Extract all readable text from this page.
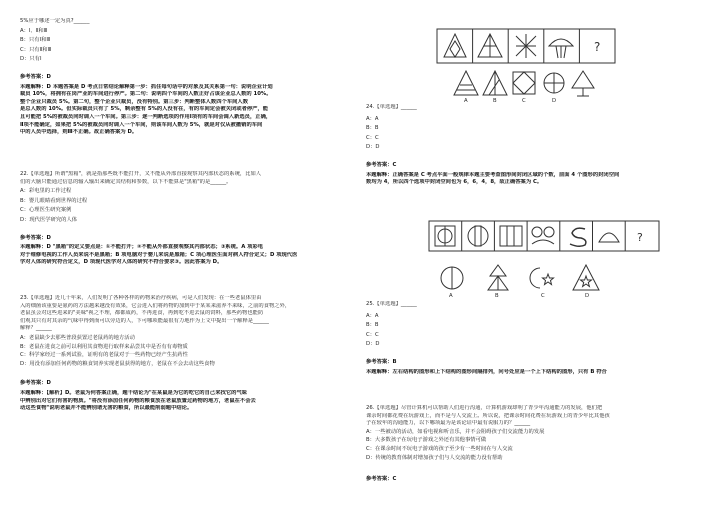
5%应于哪述一定为真?______
A：Ⅰ、Ⅱ和Ⅲ
B：只有Ⅰ和Ⅲ
C：只有Ⅱ和Ⅲ
D：只有Ⅰ
参考答案：D
本题解释：D 本题答案是 D 考点日常结论解释第一步：抓住每句话中的对象及其关系第一句：说明企业计划
裁员 10%，将拥有在岗产业的车间进行停产。第二句：说明四个车间的人数正好占该企业总人数的 10%。
整个企业只裁员 5%。第二句，整个企业只裁员，没有特别。第三步：判断整体人数四个车间人数
是总人数的 10%。但实际裁员只有了 5%，剩余整有 5%的人没有在，有的车间定会被关闭或者停产，能
且可能把 5%的被裁员同时调入一个车间。第三步：逐一判断选项的作用Ⅰ项有的车间会调入新选员，正确，
Ⅱ项不能确定，如果把 5%的被裁员同时调入一个车间，则该车间人数为 5%，就是对仅从被撤销的车间
中的人员中选择，则Ⅲ不正确。故正确答案为 D。
22.【单选题】所谓"黑箱"，就是指那些既不能打开，又不能从外部直接观察其内部状态的系统，比如人
们的大脑只能通过信息的输入输出来确定其结构和参数，以下不能算是"黑箱"的是______。
A：彩电里的工作过程
B：婴儿眼睛看到世界的过程
C：心理医生研究案例
D：现代医学研究的人体
参考答案：D
本题解释：D "黑箱"的定义要点是：①不能打开；②不能从外部直接观察其内部状态；③系统。A 项彩电
对于维修电视的工作人员来说不是黑箱；B 项电脑对于婴儿来说是黑箱；C 项心理医生面对病人符合定义；D 项现代医
学对人体的研究符合定义，D 项现代医学对人体的研究不符合要求③。因此答案为 D。
23.【单选题】近几十年来，人们发明了各种各样的药物来治疗疾病，可是人们发现：在一些老鼠体里由
入的细菌该重要是氨药的方法越来越没有效果，它会进入们将药物的加到中于某某来滋养不来味，之前的食物之外，
老鼠虽会对这些进来的"美味"视之不理，都都成药，不再进食，再到吃不进去鼠的饲料，那些药物也能防
们观其只有对其余的气味中得到而可以旁边的人，下可哪项能最很有力地作为上文中提出一个解释是______
解释？______
A：老鼠缺少去那些普段获置过老鼠药的地方活动
B：老鼠在进食之前可以利用其食物进行取样来品尝其中是否有有毒物质
C：科学家经过一系列试验，证明有的老鼠对于一些药物已经产生抗药性
D：用没有添加任何药物的粮食饲养实现老鼠获得的地方，老鼠在不会去动这些食物
参考答案：D
本题解释：【解析】D。老鼠为何答案正确，题干结论为"在某鼠是为它的吃它的自己来找它的气味
中辨别出对它们有害的物质。"将没有添加任何药物的粮食放在老鼠放置过药物的地方，老鼠在不会去
动这些食物"说明老鼠并不能辨别诸无害的粮食，所以最能削弱题中结论。
?
A	B	C	D
24.【单选题】______
A：A
B：B
C：C
D：D
参考答案：C
本题解释：正确答案是 C 考点平面一般规律本题主要考查图形间封闭区域的个数，前面 4 个图形的封闭空间
数均为 4，所以四个选项中封闭空间也为 6，6，4，8，故正确答案为 C。
?
A	B	C	D
25.【单选题】______
A：A
B：B
C：C
D：D
参考答案：B
本题解释：左右结构的图形和上下结构的图形间隔排列，问号处应是一个上下结构的图形，只有 B 符合
26.【单选题】尽管计算机可以帮助人们进行沟通，计算机游戏却明了青少年沟通能力的发展，他们把
课余时间都花费在玩游戏上，而不是与人交流上。所以说，把课余时间花费在玩游戏上的青少年比其他孩
子在较年的沟通能力，以下哪项最为是该论证中最有说服力的？______
A：一些被动的活动，如看电视和听音乐，并不会阻碍孩子们交流能力的发展
B：大多数孩子在玩电子游戏之外还有其他事情可做
C：在课余时间不玩电子游戏的孩子至少有一些时间在与人交流
D：传统的教育体制对增加孩子们与人交流的能力没有帮助
参考答案：C
